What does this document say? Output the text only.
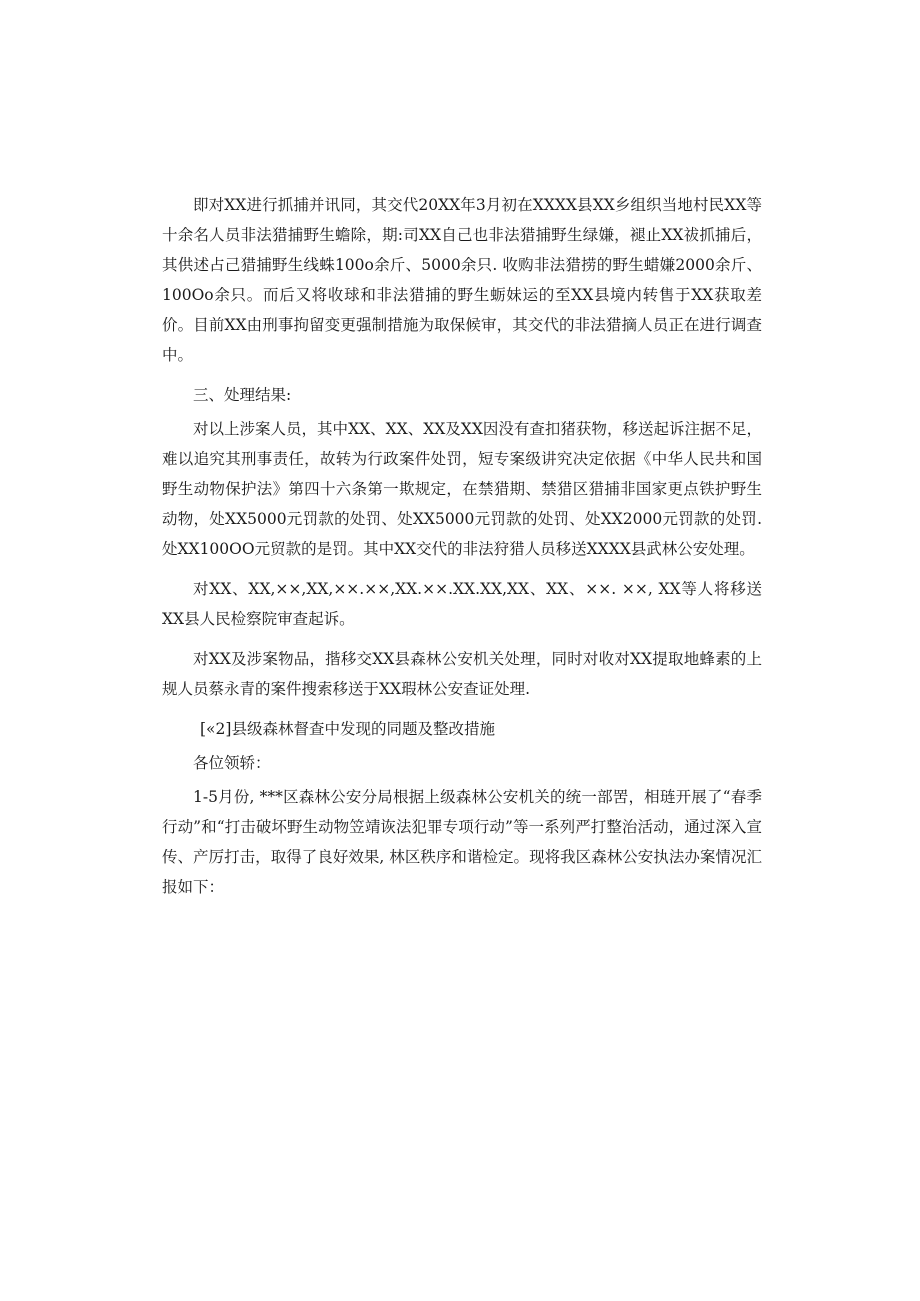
即对XX进行抓捕并讯同，其交代20XX年3月初在XXXX县XX乡组织当地村民XX等十余名人员非法猎捕野生蟾除，期:司XX自己也非法猎捕野生绿嫌，褪止XX祓抓捕后，其供述占己猎捕野生线蛛100o余斤、5000余只. 收购非法猎捞的野生蜡嫌2000余斤、100Oo余只。而后又将收球和非法猎捕的野生蛎妹运的至XX县境内转售于XX获取差价。目前XX由刑事拘留变更强制措施为取保候审，其交代的非法猎摘人员正在进行调查中。

三、处理结果:

对以上涉案人员，其中XX、XX、XX及XX因没有查扣猪获物，移送起诉注据不足，难以追究其刑事责任，故转为行政案件处罚，短专案级讲究决定依据《中华人民共和国野生动物保护法》第四十六条第一欺规定，在禁猎期、禁猎区猎捕非国家更点铁护野生动物，处XX5000元罚款的处罚、处XX5000元罚款的处罚、处XX2000元罚款的处罚. 处XX100OO元贸款的是罚。其中XX交代的非法狩猎人员移送XXXX县武林公安处理。

对XX、XX,××,XX,××.××,XX.××.XX.XX,XX、XX、××. ××, XX等人将移送XX县人民检察院审查起诉。

对XX及涉案物品，揩移交XX县森林公安机关处理，同时对收对XX提取地蜂素的上规人员蔡永青的案件搜索移送于XX瑕林公安查证处理.

[«2]县级森林督查中发现的同题及整改措施

各位领轿：

1-5月份, ***区森林公安分局根据上级森林公安机关的统一部罟，相琏开展了“春季行动”和“打击破坏野生动物笠靖诙法犯罪专项行动”等一系列严打整治活动，通过深入宣传、产厉打击，取得了良好效果, 林区秩序和谐检定。现将我区森林公安执法办案情况汇报如下：
